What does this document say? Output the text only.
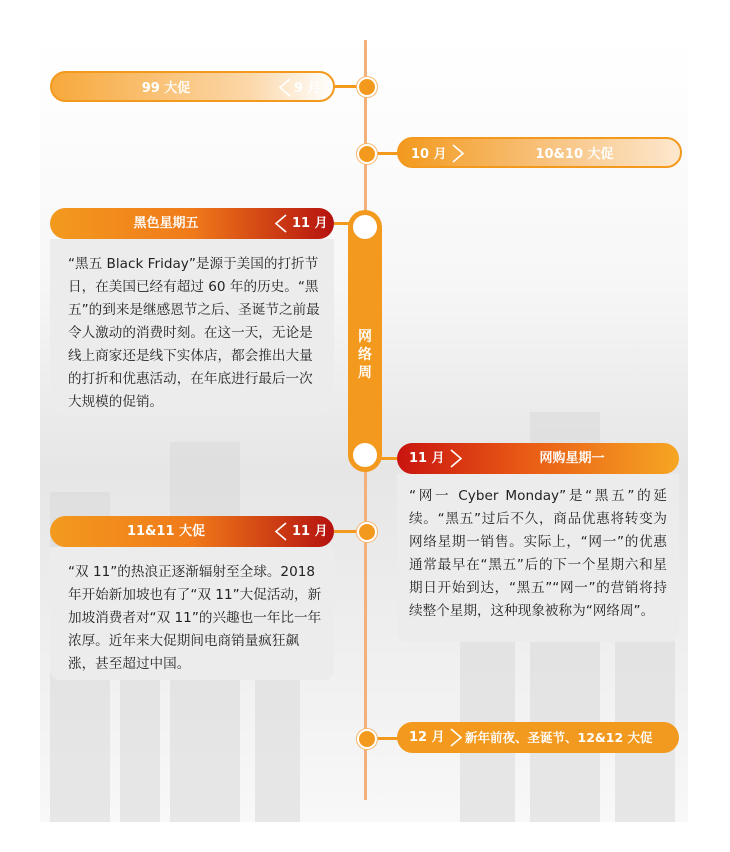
网络周
99 大促	9 月
10 月	10&10 大促
黑色星期五	11 月
“黑五 Black Friday”是源于美国的打折节日，在美国已经有超过 60 年的历史。“黑五”的到来是继感恩节之后、圣诞节之前最令人激动的消费时刻。在这一天，无论是线上商家还是线下实体店，都会推出大量的打折和优惠活动，在年底进行最后一次大规模的促销。
11 月	网购星期一
“网一 Cyber Monday”是“黑五”的延续。“黑五”过后不久，商品优惠将转变为网络星期一销售。实际上，“网一”的优惠通常最早在“黑五”后的下一个星期六和星期日开始到达，“黑五”“网一”的营销将持续整个星期，这种现象被称为“网络周”。
11&11 大促	11 月
“双 11”的热浪正逐渐辐射至全球。2018 年开始新加坡也有了“双 11”大促活动，新加坡消费者对“双 11”的兴趣也一年比一年浓厚。近年来大促期间电商销量疯狂飙涨，甚至超过中国。
12 月 新年前夜、圣诞节、12&12 大促
